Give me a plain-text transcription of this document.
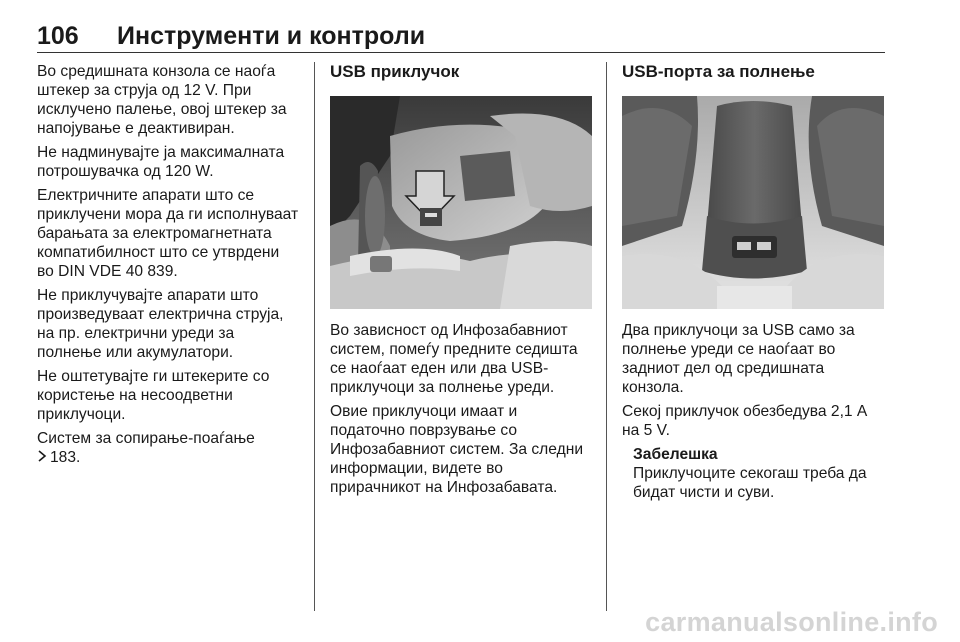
106 Инструменти и контроли

Во средишната конзола се наоѓа штекер за струја од 12 V. При исклучено палење, овој штекер за напојување е деактивиран.

Не надминувајте ја максималната потрошувачка од 120 W.

Електричните апарати што се приклучени мора да ги исполнуваат барањата за електромагнетната компатибилност што се утврдени во DIN VDE 40 839.

Не приклучувајте апарати што произведуваат електрична струја, на пр. електрични уреди за полнење или акумулатори.

Не оштетувајте ги штекерите со користење на несоодветни приклучоци.

Систем за сопирање-поаѓање
183.

USB приклучок

Во зависност од Инфозабавниот систем, помеѓу предните седишта се наоѓаат еден или два USB-приклучоци за полнење уреди.

Овие приклучоци имаат и податочно поврзување со Инфозабавниот систем. За следни информации, видете во прирачникот на Инфозабавата.

USB-порта за полнење

Два приклучоци за USB само за полнење уреди се наоѓаат во задниот дел од средишната конзола.

Секој приклучок обезбедува 2,1 A на 5 V.

Забелешка
Приклучоците секогаш треба да бидат чисти и суви.
carmanualsonline.info
